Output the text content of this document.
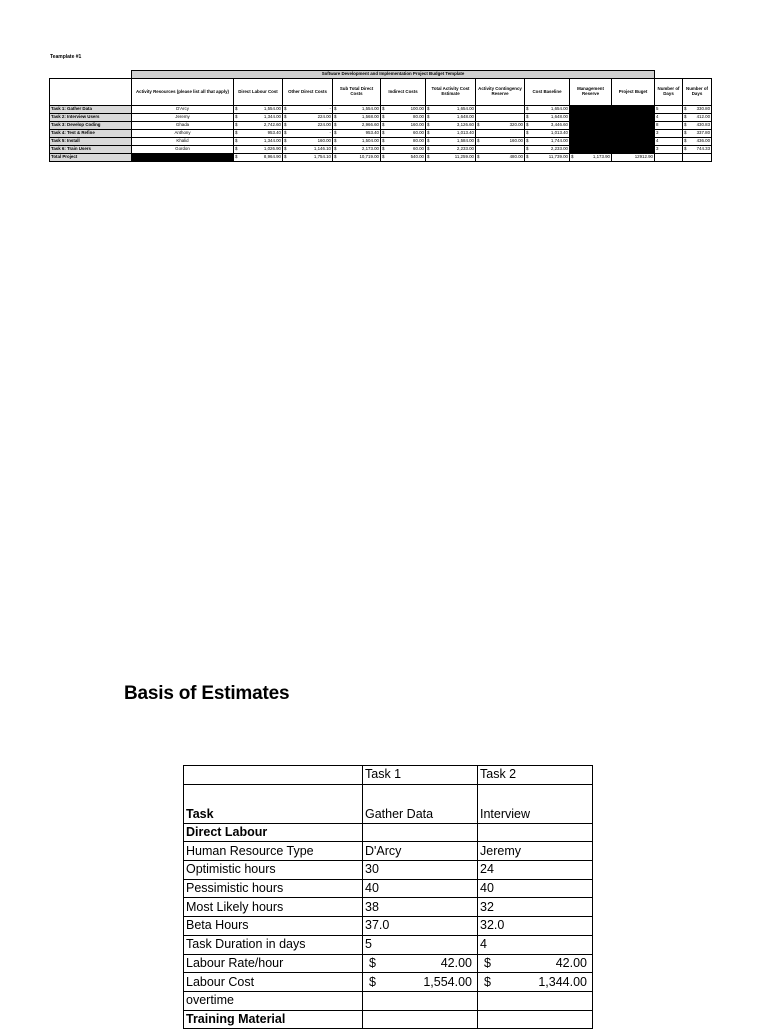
Teamplate #1
	Software Development and Implementation Project Budget Template											
	Activity Resources (please list all that apply)	Direct Labour Cost	Other Direct Costs	Sub Total Direct Costs	Indirect Costs	Total Activity Cost Estimate	Activity Contingency Reserve	Cost Baseline	Management Reserve	Project Buget	Number of Days	Number of Days
Task 1: Gather Data	D'Arcy	$ 1,554.00	$ -	$ 1,554.00	$ 100.00	$ 1,654.00		$ 1,654.00			5	$ 330.80
Task 2: Interview Users	Jeremy	$ 1,344.00	$ 224.00	$ 1,568.00	$ 80.00	$ 1,648.00		$ 1,648.00			4	$ 412.00
Task 3: Develop Coding	Ghada	$ 2,742.60	$ 224.00	$ 2,966.60	$ 160.00	$ 3,126.60	$ 320.00	$ 3,446.60			8	$ 430.83
Task 4: Test & Refine	Anthony	$ 953.40	$ -	$ 953.40	$ 60.00	$ 1,013.40		$ 1,013.40			3	$ 337.80
Task 5: Install	Khalid	$ 1,344.00	$ 160.00	$ 1,504.00	$ 80.00	$ 1,584.00	$ 160.00	$ 1,744.00			4	$ 436.00
Task 6: Train Users	Gordon	$ 1,026.90	$ 1,146.10	$ 2,173.00	$ 60.00	$ 2,233.00		$ 2,233.00			3	$ 744.33
Total Project		$ 8,964.90	$ 1,754.10	$ 10,719.00	$ 540.00	$ 11,259.00	$ 480.00	$ 11,739.00	$ 1,173.90	12912.90		
Basis of Estimates
	Task 1	Task 2
Task	Gather Data	Interview
Direct Labour		
Human Resource Type	D'Arcy	Jeremy
Optimistic hours	30	24
Pessimistic hours	40	40
Most Likely hours	38	32
Beta Hours	37.0	32.0
Task Duration in days	5	4
Labour Rate/hour	$ 42.00	$ 42.00
Labour Cost	$ 1,554.00	$ 1,344.00
overtime		
Training Material		
